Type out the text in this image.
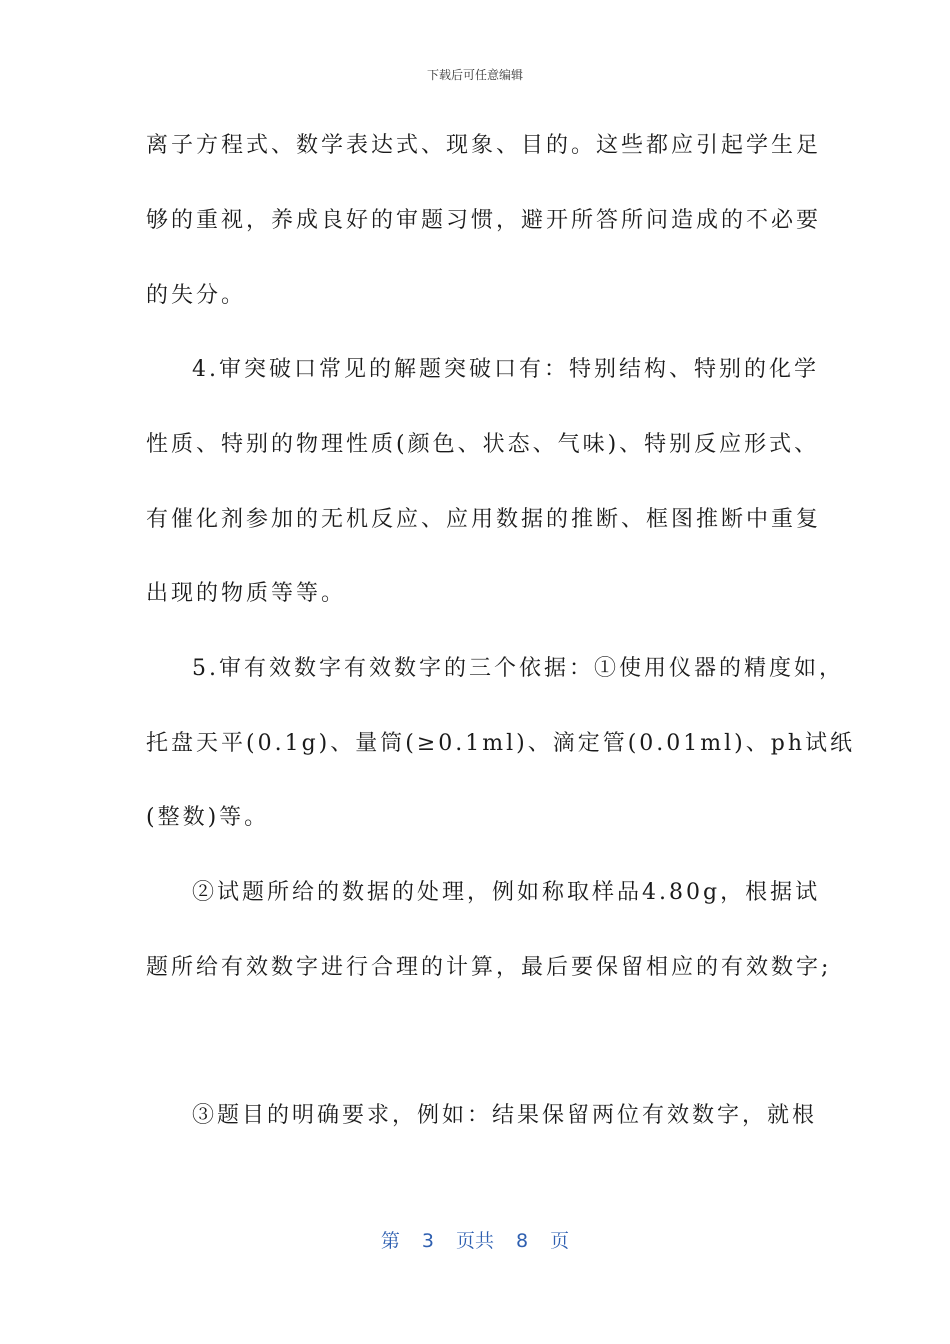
下载后可任意编辑
离子方程式、数学表达式、现象、目的。这些都应引起学生足
够的重视，养成良好的审题习惯，避开所答所问造成的不必要
的失分。
4.审突破口常见的解题突破口有：特别结构、特别的化学
性质、特别的物理性质(颜色、状态、气味)、特别反应形式、
有催化剂参加的无机反应、应用数据的推断、框图推断中重复
出现的物质等等。
5.审有效数字有效数字的三个依据：①使用仪器的精度如，
托盘天平(0.1g)、量筒(≥0.1ml)、滴定管(0.01ml)、ph试纸
(整数)等。
②试题所给的数据的处理，例如称取样品4.80g，根据试
题所给有效数字进行合理的计算，最后要保留相应的有效数字;
③题目的明确要求，例如：结果保留两位有效数字，就根
第 3 页共 8 页
